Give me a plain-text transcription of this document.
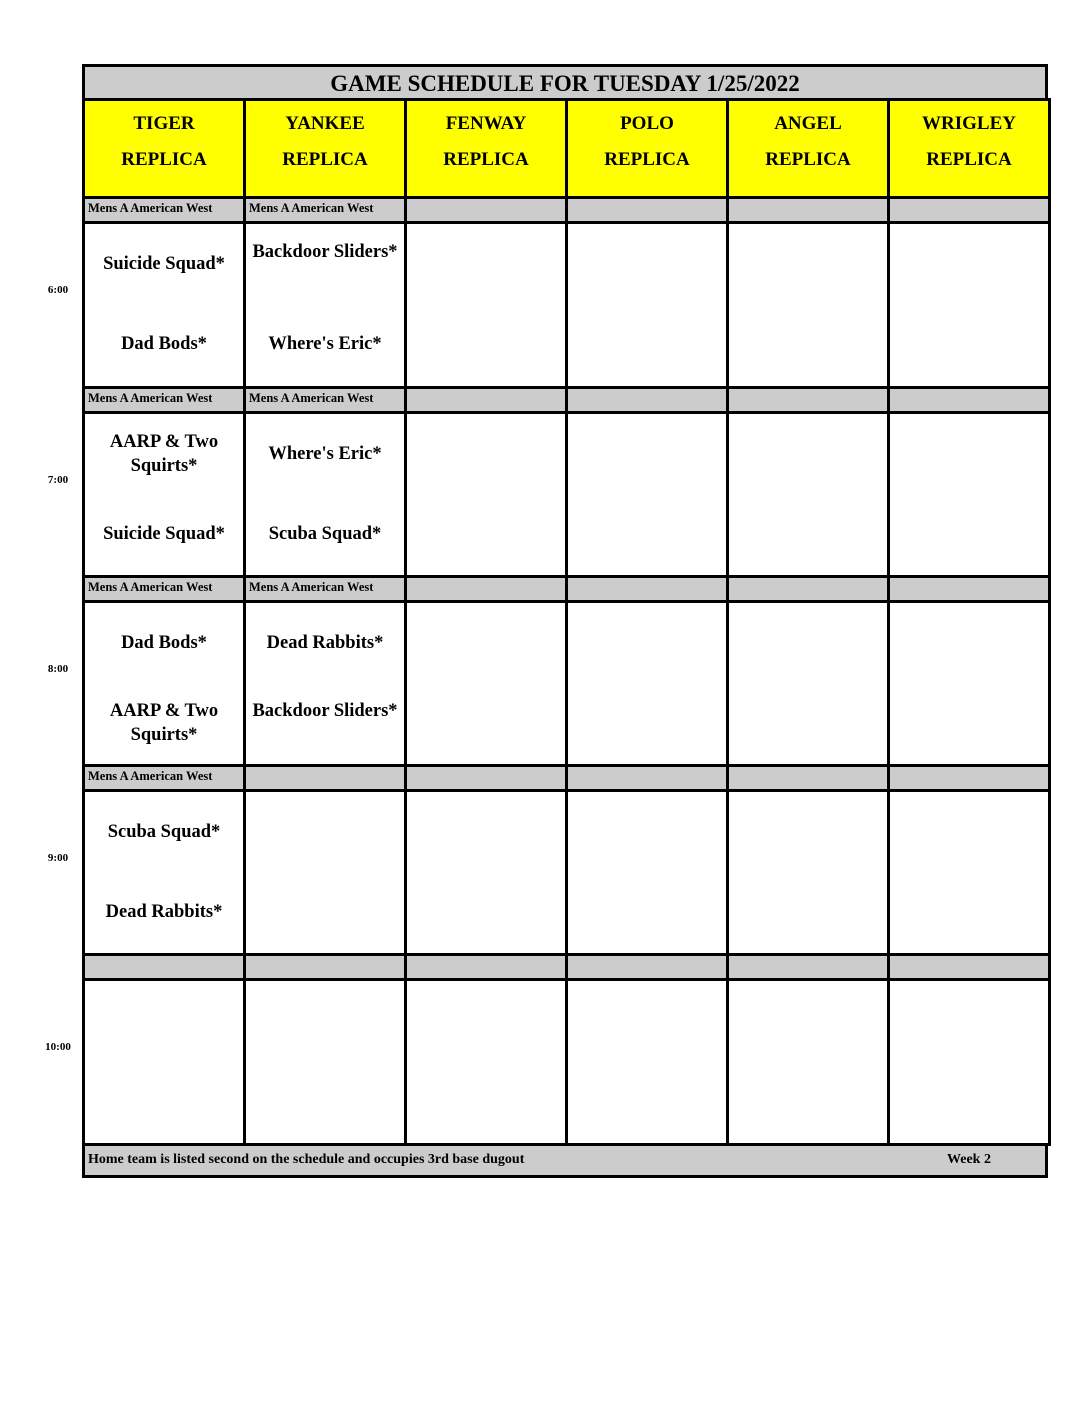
GAME SCHEDULE FOR TUESDAY 1/25/2022
TIGER
REPLICA
YANKEE
REPLICA
FENWAY
REPLICA
POLO
REPLICA
ANGEL
REPLICA
WRIGLEY
REPLICA
Mens A American West
Suicide Squad*
Dad Bods*
Mens A American West
Backdoor Sliders*
Where's Eric*
Mens A American West
AARP & Two Squirts*
Suicide Squad*
Mens A American West
Where's Eric*
Scuba Squad*
Mens A American West
Dad Bods*
AARP & Two Squirts*
Mens A American West
Dead Rabbits*
Backdoor Sliders*
Mens A American West
Scuba Squad*
Dead Rabbits*
Home team is listed second on the schedule and occupies 3rd base dugout	Week 2
6:00
7:00
8:00
9:00
10:00
